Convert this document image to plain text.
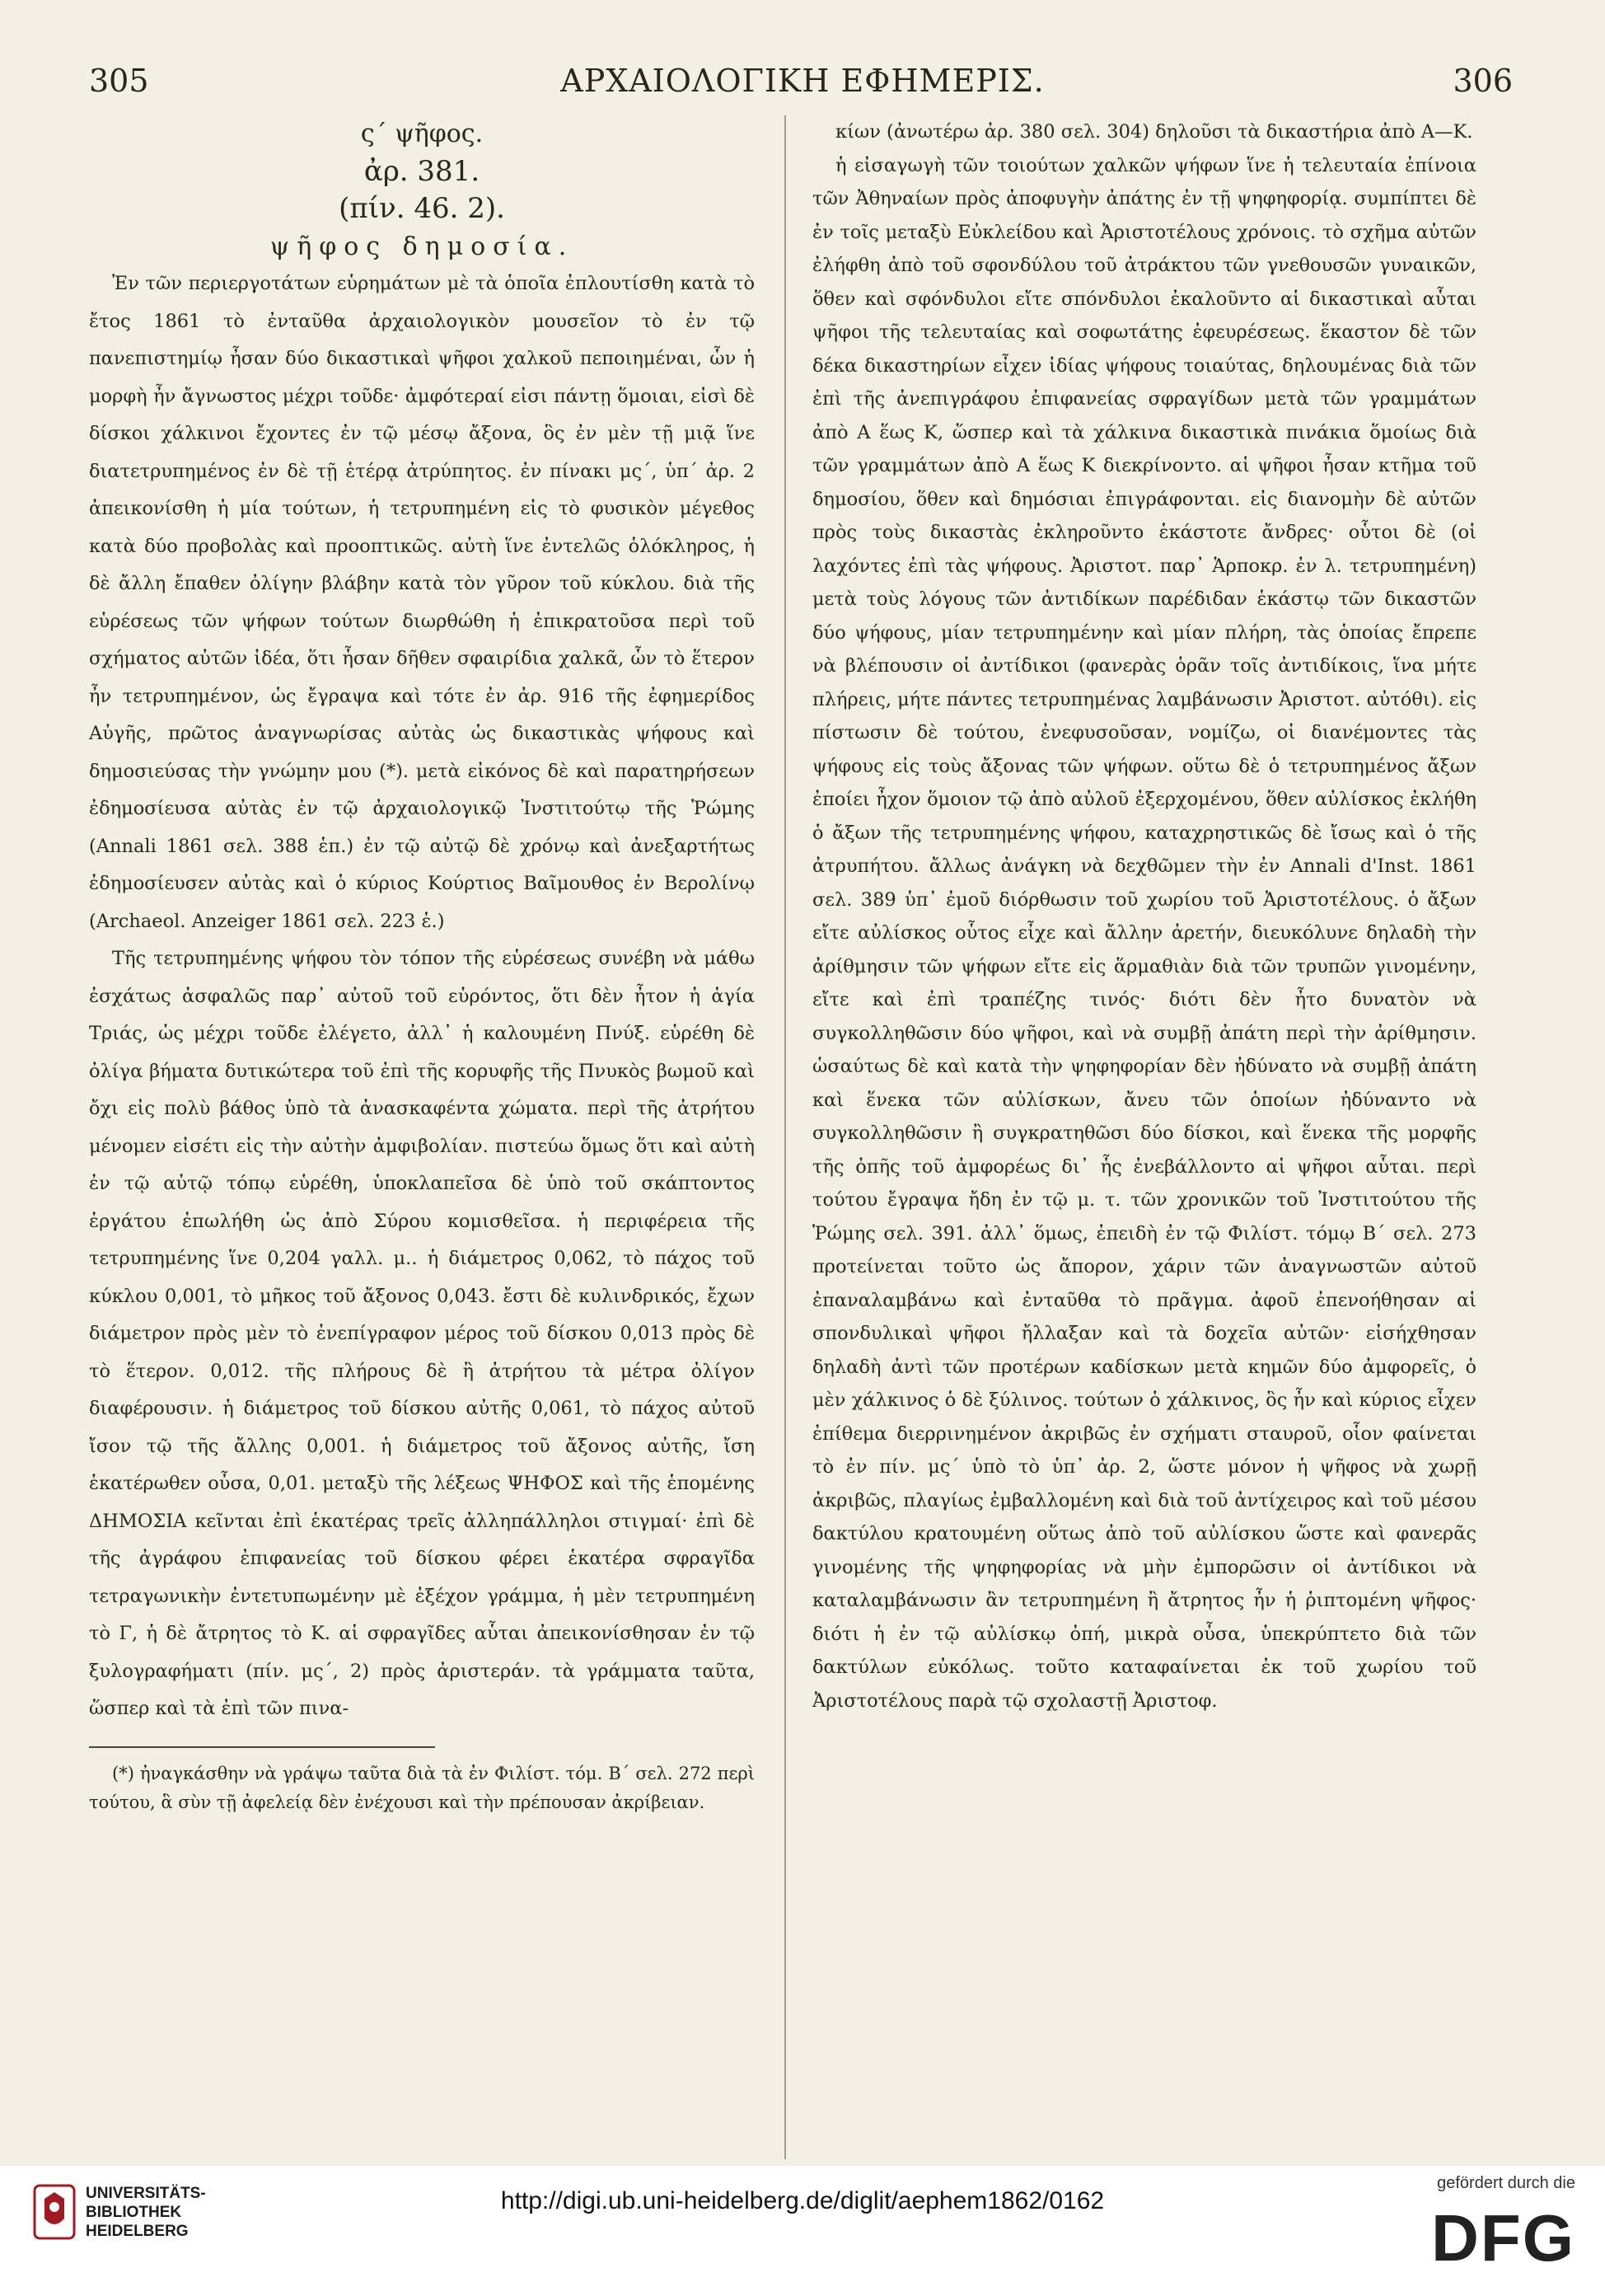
305	ΑΡΧΑΙΟΛΟΓΙΚΗ ΕΦΗΜΕΡΙΣ.	306

ς΄ ψῆφος.

ἀρ. 381.

(πίν. 46. 2).

ψῆφος δημοσία.

Ἐν τῶν περιεργοτάτων εὑρημάτων μὲ τὰ ὁποῖα ἐπλουτίσθη κατὰ τὸ ἔτος 1861 τὸ ἐνταῦθα ἀρχαιολογικὸν μουσεῖον τὸ ἐν τῷ πανεπιστημίῳ ἦσαν δύο δικαστικαὶ ψῆφοι χαλκοῦ πεποιημέναι, ὧν ἡ μορφὴ ἦν ἄγνωστος μέχρι τοῦδε· ἀμφότεραί εἰσι πάντῃ ὅμοιαι, εἰσὶ δὲ δίσκοι χάλκινοι ἔχοντες ἐν τῷ μέσῳ ἄξονα, ὃς ἐν μὲν τῇ μιᾷ ἵνε διατετρυπημένος ἐν δὲ τῇ ἑτέρᾳ ἀτρύπητος. ἐν πίνακι μς΄, ὑπ΄ ἀρ. 2 ἀπεικονίσθη ἡ μία τούτων, ἡ τετρυπημένη εἰς τὸ φυσικὸν μέγεθος κατὰ δύο προβολὰς καὶ προοπτικῶς. αὐτὴ ἵνε ἐντελῶς ὁλόκληρος, ἡ δὲ ἄλλη ἔπαθεν ὀλίγην βλάβην κατὰ τὸν γῦρον τοῦ κύκλου. διὰ τῆς εὑρέσεως τῶν ψήφων τούτων διωρθώθη ἡ ἐπικρατοῦσα περὶ τοῦ σχήματος αὐτῶν ἰδέα, ὅτι ἦσαν δῆθεν σφαιρίδια χαλκᾶ, ὧν τὸ ἕτερον ἦν τετρυπημένον, ὡς ἔγραψα καὶ τότε ἐν ἀρ. 916 τῆς ἐφημερίδος Αὐγῆς, πρῶτος ἀναγνωρίσας αὐτὰς ὡς δικαστικὰς ψήφους καὶ δημοσιεύσας τὴν γνώμην μου (*). μετὰ εἰκόνος δὲ καὶ παρατηρήσεων ἐδημοσίευσα αὐτὰς ἐν τῷ ἀρχαιολογικῷ Ἰνστιτούτῳ τῆς Ῥώμης (Annali 1861 σελ. 388 ἑπ.) ἐν τῷ αὐτῷ δὲ χρόνῳ καὶ ἀνεξαρτήτως ἐδημοσίευσεν αὐτὰς καὶ ὁ κύριος Κούρτιος Βαῖμουθος ἐν Βερολίνῳ (Archaeol. Anzeiger 1861 σελ. 223 ἑ.)

Τῆς τετρυπημένης ψήφου τὸν τόπον τῆς εὑρέσεως συνέβη νὰ μάθω ἐσχάτως ἀσφαλῶς παρ᾿ αὐτοῦ τοῦ εὑρόντος, ὅτι δὲν ἦτον ἡ ἁγία Τριάς, ὡς μέχρι τοῦδε ἐλέγετο, ἀλλ᾿ ἡ καλουμένη Πνύξ. εὑρέθη δὲ ὀλίγα βήματα δυτικώτερα τοῦ ἐπὶ τῆς κορυφῆς τῆς Πνυκὸς βωμοῦ καὶ ὄχι εἰς πολὺ βάθος ὑπὸ τὰ ἀνασκαφέντα χώματα. περὶ τῆς ἀτρήτου μένομεν εἰσέτι εἰς τὴν αὐτὴν ἀμφιβολίαν. πιστεύω ὅμως ὅτι καὶ αὐτὴ ἐν τῷ αὐτῷ τόπῳ εὑρέθη, ὑποκλαπεῖσα δὲ ὑπὸ τοῦ σκάπτοντος ἐργάτου ἐπωλήθη ὡς ἀπὸ Σύρου κομισθεῖσα. ἡ περιφέρεια τῆς τετρυπημένης ἵνε 0,204 γαλλ. μ.. ἡ διάμετρος 0,062, τὸ πάχος τοῦ κύκλου 0,001, τὸ μῆκος τοῦ ἄξονος 0,043. ἔστι δὲ κυλινδρικός, ἔχων διάμετρον πρὸς μὲν τὸ ἐνεπίγραφον μέρος τοῦ δίσκου 0,013 πρὸς δὲ τὸ ἕτερον. 0,012. τῆς πλήρους δὲ ἢ ἀτρήτου τὰ μέτρα ὀλίγον διαφέρουσιν. ἡ διάμετρος τοῦ δίσκου αὐτῆς 0,061, τὸ πάχος αὐτοῦ ἴσον τῷ τῆς ἄλλης 0,001. ἡ διάμετρος τοῦ ἄξονος αὐτῆς, ἴση ἑκατέρωθεν οὖσα, 0,01. μεταξὺ τῆς λέξεως ΨΗΦΟΣ καὶ τῆς ἑπομένης ΔΗΜΟΣΙΑ κεῖνται ἐπὶ ἑκατέρας τρεῖς ἀλληπάλληλοι στιγμαί· ἐπὶ δὲ τῆς ἀγράφου ἐπιφανείας τοῦ δίσκου φέρει ἑκατέρα σφραγῖδα τετραγωνικὴν ἐντετυπωμένην μὲ ἐξέχον γράμμα, ἡ μὲν τετρυπημένη τὸ Γ, ἡ δὲ ἄτρητος τὸ Κ. αἱ σφραγῖδες αὗται ἀπεικονίσθησαν ἐν τῷ ξυλογραφήματι (πίν. μς΄, 2) πρὸς ἀριστεράν. τὰ γράμματα ταῦτα, ὥσπερ καὶ τὰ ἐπὶ τῶν πινα-

(*) ἠναγκάσθην νὰ γράψω ταῦτα διὰ τὰ ἐν Φιλίστ. τόμ. Β΄ σελ. 272 περὶ τούτου, ἃ σὺν τῇ ἀφελείᾳ δὲν ἐνέχουσι καὶ τὴν πρέπουσαν ἀκρίβειαν.

κίων (ἀνωτέρω ἀρ. 380 σελ. 304) δηλοῦσι τὰ δικαστήρια ἀπὸ Α—Κ.

ἡ εἰσαγωγὴ τῶν τοιούτων χαλκῶν ψήφων ἵνε ἡ τελευταία ἐπίνοια τῶν Ἀθηναίων πρὸς ἀποφυγὴν ἀπάτης ἐν τῇ ψηφηφορίᾳ. συμπίπτει δὲ ἐν τοῖς μεταξὺ Εὐκλείδου καὶ Ἀριστοτέλους χρόνοις. τὸ σχῆμα αὐτῶν ἐλήφθη ἀπὸ τοῦ σφονδύλου τοῦ ἀτράκτου τῶν γνεθουσῶν γυναικῶν, ὅθεν καὶ σφόνδυλοι εἴτε σπόνδυλοι ἐκαλοῦντο αἱ δικαστικαὶ αὗται ψῆφοι τῆς τελευταίας καὶ σοφωτάτης ἐφευρέσεως. ἕκαστον δὲ τῶν δέκα δικαστηρίων εἶχεν ἰδίας ψήφους τοιαύτας, δηλουμένας διὰ τῶν ἐπὶ τῆς ἀνεπιγράφου ἐπιφανείας σφραγίδων μετὰ τῶν γραμμάτων ἀπὸ Α ἕως Κ, ὥσπερ καὶ τὰ χάλκινα δικαστικὰ πινάκια ὅμοίως διὰ τῶν γραμμάτων ἀπὸ Α ἕως Κ διεκρίνοντο. αἱ ψῆφοι ἦσαν κτῆμα τοῦ δημοσίου, ὅθεν καὶ δημόσιαι ἐπιγράφονται. εἰς διανομὴν δὲ αὐτῶν πρὸς τοὺς δικαστὰς ἐκληροῦντο ἑκάστοτε ἄνδρες· οὗτοι δὲ (οἱ λαχόντες ἐπὶ τὰς ψήφους. Ἀριστοτ. παρ᾿ Ἁρποκρ. ἐν λ. τετρυπημένη) μετὰ τοὺς λόγους τῶν ἀντιδίκων παρέδιδαν ἑκάστῳ τῶν δικαστῶν δύο ψήφους, μίαν τετρυπημένην καὶ μίαν πλήρη, τὰς ὁποίας ἔπρεπε νὰ βλέπουσιν οἱ ἀντίδικοι (φανερὰς ὁρᾶν τοῖς ἀντιδίκοις, ἵνα μήτε πλήρεις, μήτε πάντες τετρυπημένας λαμβάνωσιν Ἀριστοτ. αὐτόθι). εἰς πίστωσιν δὲ τούτου, ἐνεφυσοῦσαν, νομίζω, οἱ διανέμοντες τὰς ψήφους εἰς τοὺς ἄξονας τῶν ψήφων. οὕτω δὲ ὁ τετρυπημένος ἄξων ἐποίει ἦχον ὅμοιον τῷ ἀπὸ αὐλοῦ ἐξερχομένου, ὅθεν αὐλίσκος ἐκλήθη ὁ ἄξων τῆς τετρυπημένης ψήφου, καταχρηστικῶς δὲ ἴσως καὶ ὁ τῆς ἀτρυπήτου. ἄλλως ἀνάγκη νὰ δεχθῶμεν τὴν ἐν Annali d'Inst. 1861 σελ. 389 ὑπ᾿ ἐμοῦ διόρθωσιν τοῦ χωρίου τοῦ Ἀριστοτέλους. ὁ ἄξων εἴτε αὐλίσκος οὗτος εἶχε καὶ ἄλλην ἀρετήν, διευκόλυνε δηλαδὴ τὴν ἀρίθμησιν τῶν ψήφων εἴτε εἰς ἅρμαθιὰν διὰ τῶν τρυπῶν γινομένην, εἴτε καὶ ἐπὶ τραπέζης τινός· διότι δὲν ἦτο δυνατὸν νὰ συγκολληθῶσιν δύο ψῆφοι, καὶ νὰ συμβῇ ἀπάτη περὶ τὴν ἀρίθμησιν. ὡσαύτως δὲ καὶ κατὰ τὴν ψηφηφορίαν δὲν ἠδύνατο νὰ συμβῇ ἀπάτη καὶ ἕνεκα τῶν αὐλίσκων, ἄνευ τῶν ὁποίων ἠδύναντο νὰ συγκολληθῶσιν ἢ συγκρατηθῶσι δύο δίσκοι, καὶ ἕνεκα τῆς μορφῆς τῆς ὀπῆς τοῦ ἀμφορέως δι᾿ ἧς ἐνεβάλλοντο αἱ ψῆφοι αὗται. περὶ τούτου ἔγραψα ἤδη ἐν τῷ μ. τ. τῶν χρονικῶν τοῦ Ἰνστιτούτου τῆς Ῥώμης σελ. 391. ἀλλ᾿ ὅμως, ἐπειδὴ ἐν τῷ Φιλίστ. τόμῳ Β΄ σελ. 273 προτείνεται τοῦτο ὡς ἄπορον, χάριν τῶν ἀναγνωστῶν αὐτοῦ ἐπαναλαμβάνω καὶ ἐνταῦθα τὸ πρᾶγμα. ἀφοῦ ἐπενοήθησαν αἱ σπονδυλικαὶ ψῆφοι ἤλλαξαν καὶ τὰ δοχεῖα αὐτῶν· εἰσήχθησαν δηλαδὴ ἀντὶ τῶν προτέρων καδίσκων μετὰ κημῶν δύο ἀμφορεῖς, ὁ μὲν χάλκινος ὁ δὲ ξύλινος. τούτων ὁ χάλκινος, ὃς ἦν καὶ κύριος εἶχεν ἐπίθεμα διερρινημένον ἀκριβῶς ἐν σχήματι σταυροῦ, οἷον φαίνεται τὸ ἐν πίν. μς΄ ὑπὸ τὸ ὑπ᾿ ἀρ. 2, ὥστε μόνον ἡ ψῆφος νὰ χωρῇ ἀκριβῶς, πλαγίως ἐμβαλλομένη καὶ διὰ τοῦ ἀντίχειρος καὶ τοῦ μέσου δακτύλου κρατουμένη οὕτως ἀπὸ τοῦ αὐλίσκου ὥστε καὶ φανερᾶς γινομένης τῆς ψηφηφορίας νὰ μὴν ἐμπορῶσιν οἱ ἀντίδικοι νὰ καταλαμβάνωσιν ἂν τετρυπημένη ἢ ἄτρητος ἦν ἡ ῥιπτομένη ψῆφος· διότι ἡ ἐν τῷ αὐλίσκῳ ὀπή, μικρὰ οὖσα, ὑπεκρύπτετο διὰ τῶν δακτύλων εὐκόλως. τοῦτο καταφαίνεται ἐκ τοῦ χωρίου τοῦ Ἀριστοτέλους παρὰ τῷ σχολαστῇ Ἀριστοφ.

UNIVERSITÄTS-
BIBLIOTHEK
HEIDELBERG
http://digi.ub.uni-heidelberg.de/diglit/aephem1862/0162
gefördert durch die
DFG
